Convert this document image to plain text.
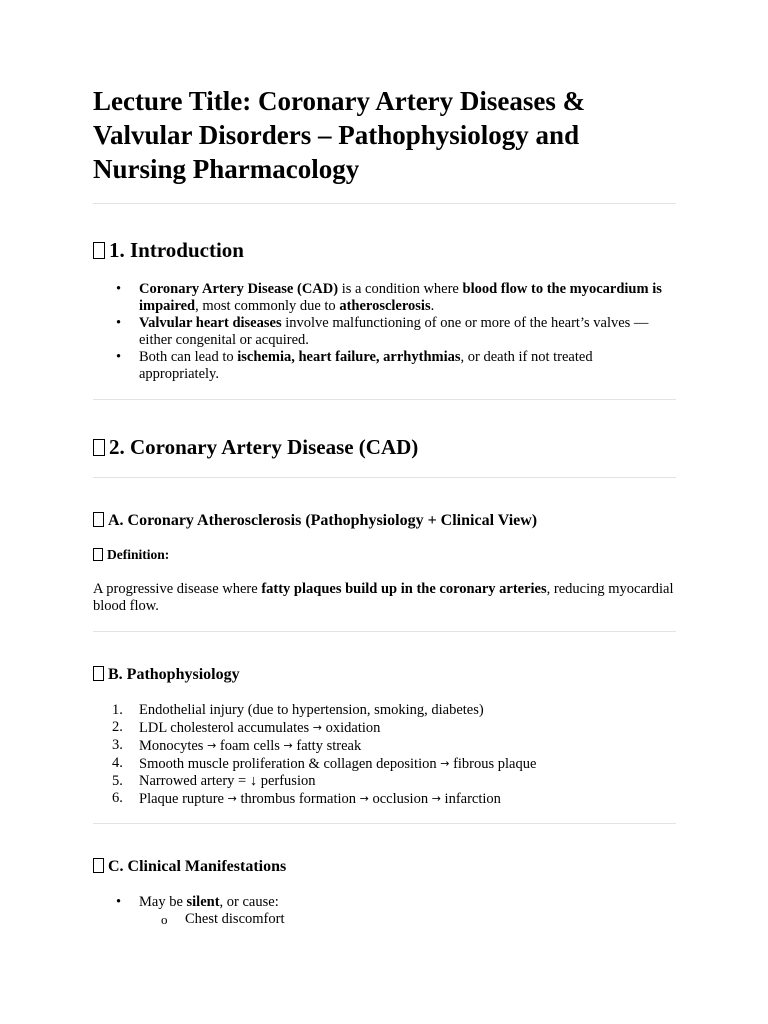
Lecture Title: Coronary Artery Diseases & Valvular Disorders – Pathophysiology and Nursing Pharmacology
1. Introduction
• Coronary Artery Disease (CAD) is a condition where blood flow to the myocardium is impaired, most commonly due to atherosclerosis.
• Valvular heart diseases involve malfunctioning of one or more of the heart’s valves — either congenital or acquired.
• Both can lead to ischemia, heart failure, arrhythmias, or death if not treated appropriately.
2. Coronary Artery Disease (CAD)
A. Coronary Atherosclerosis (Pathophysiology + Clinical View)
Definition:

A progressive disease where fatty plaques build up in the coronary arteries, reducing myocardial blood flow.

B. Pathophysiology
1. Endothelial injury (due to hypertension, smoking, diabetes)
2. LDL cholesterol accumulates → oxidation
3. Monocytes → foam cells → fatty streak
4. Smooth muscle proliferation & collagen deposition → fibrous plaque
5. Narrowed artery = ↓ perfusion
6. Plaque rupture → thrombus formation → occlusion → infarction
C. Clinical Manifestations
• May be silent, or cause:
o Chest discomfort
